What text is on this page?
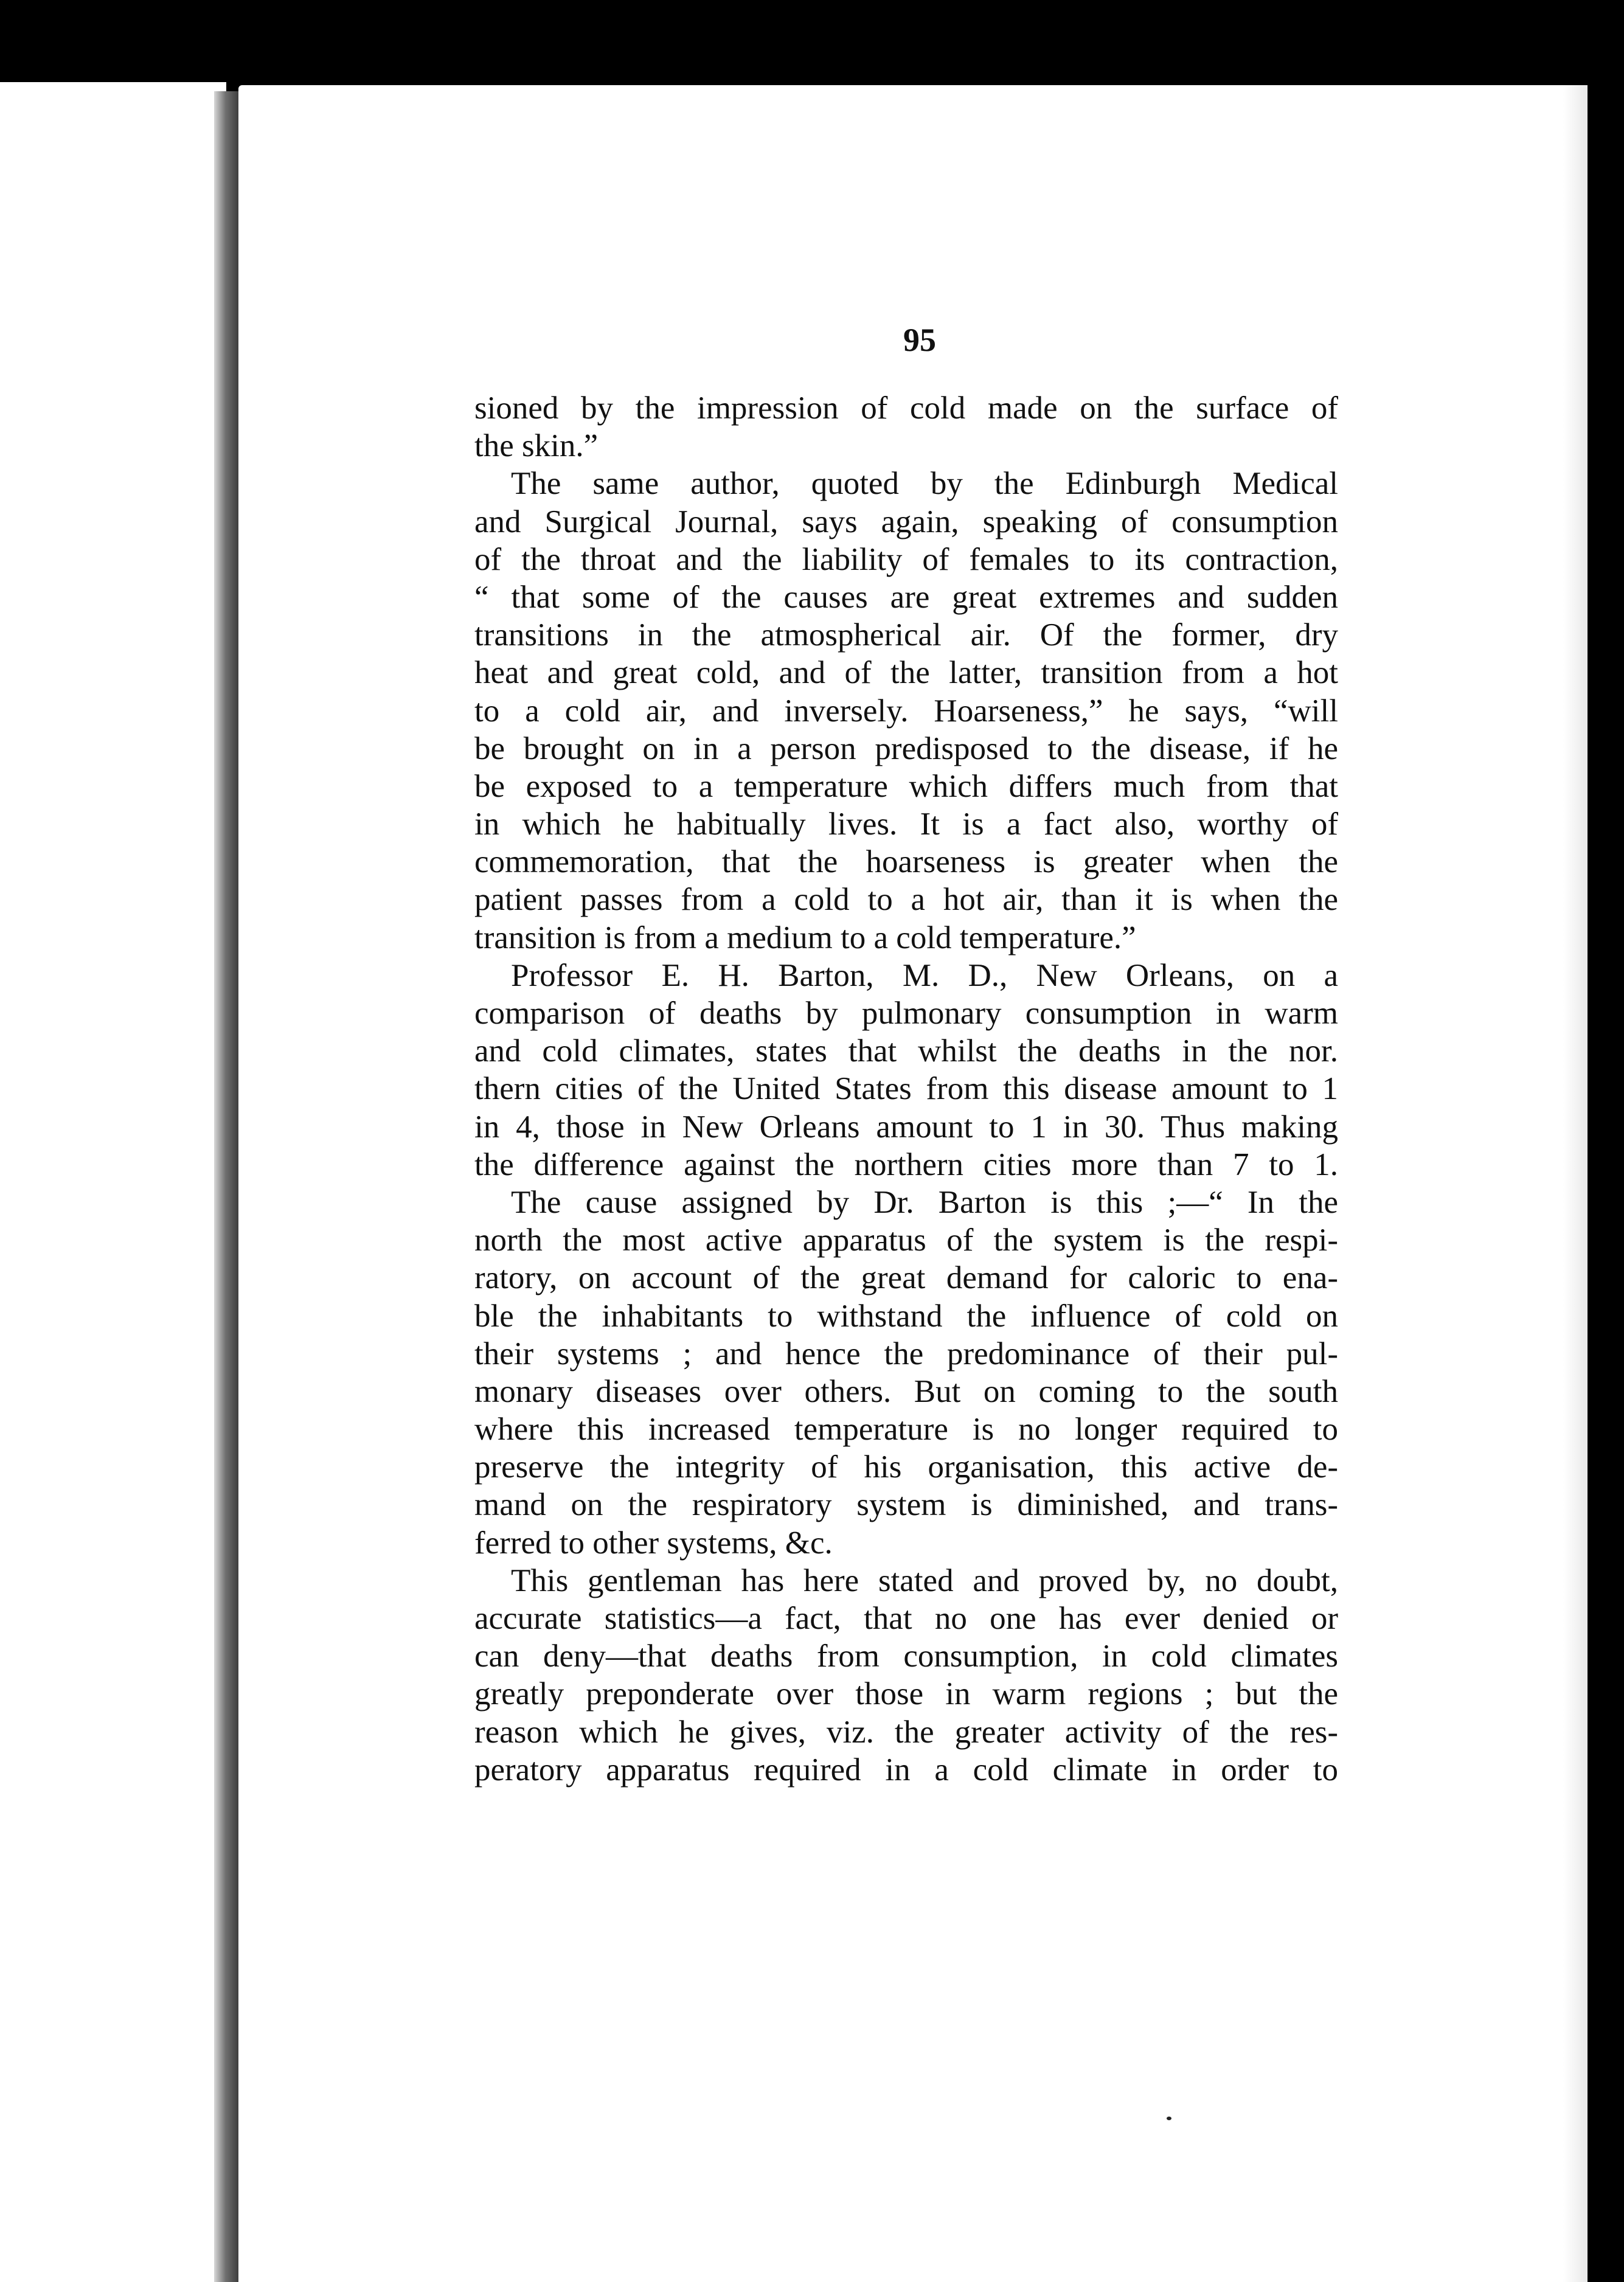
95
sioned by the impression of cold made on the surface of
the skin.”
The same author, quoted by the Edinburgh Medical
and Surgical Journal, says again, speaking of consumption
of the throat and the liability of females to its contraction,
“ that some of the causes are great extremes and sudden
transitions in the atmospherical air. Of the former, dry
heat and great cold, and of the latter, transition from a hot
to a cold air, and inversely. Hoarseness,” he says, “will
be brought on in a person predisposed to the disease, if he
be exposed to a temperature which differs much from that
in which he habitually lives. It is a fact also, worthy of
commemoration, that the hoarseness is greater when the
patient passes from a cold to a hot air, than it is when the
transition is from a medium to a cold temperature.”
Professor E. H. Barton, M. D., New Orleans, on a
comparison of deaths by pulmonary consumption in warm
and cold climates, states that whilst the deaths in the nor.
thern cities of the United States from this disease amount to 1
in 4, those in New Orleans amount to 1 in 30. Thus making
the difference against the northern cities more than 7 to 1.
The cause assigned by Dr. Barton is this ;—“ In the
north the most active apparatus of the system is the respi-
ratory, on account of the great demand for caloric to ena-
ble the inhabitants to withstand the influence of cold on
their systems ; and hence the predominance of their pul-
monary diseases over others. But on coming to the south
where this increased temperature is no longer required to
preserve the integrity of his organisation, this active de-
mand on the respiratory system is diminished, and trans-
ferred to other systems, &c.
This gentleman has here stated and proved by, no doubt,
accurate statistics—a fact, that no one has ever denied or
can deny—that deaths from consumption, in cold climates
greatly preponderate over those in warm regions ; but the
reason which he gives, viz. the greater activity of the res-
peratory apparatus required in a cold climate in order to
